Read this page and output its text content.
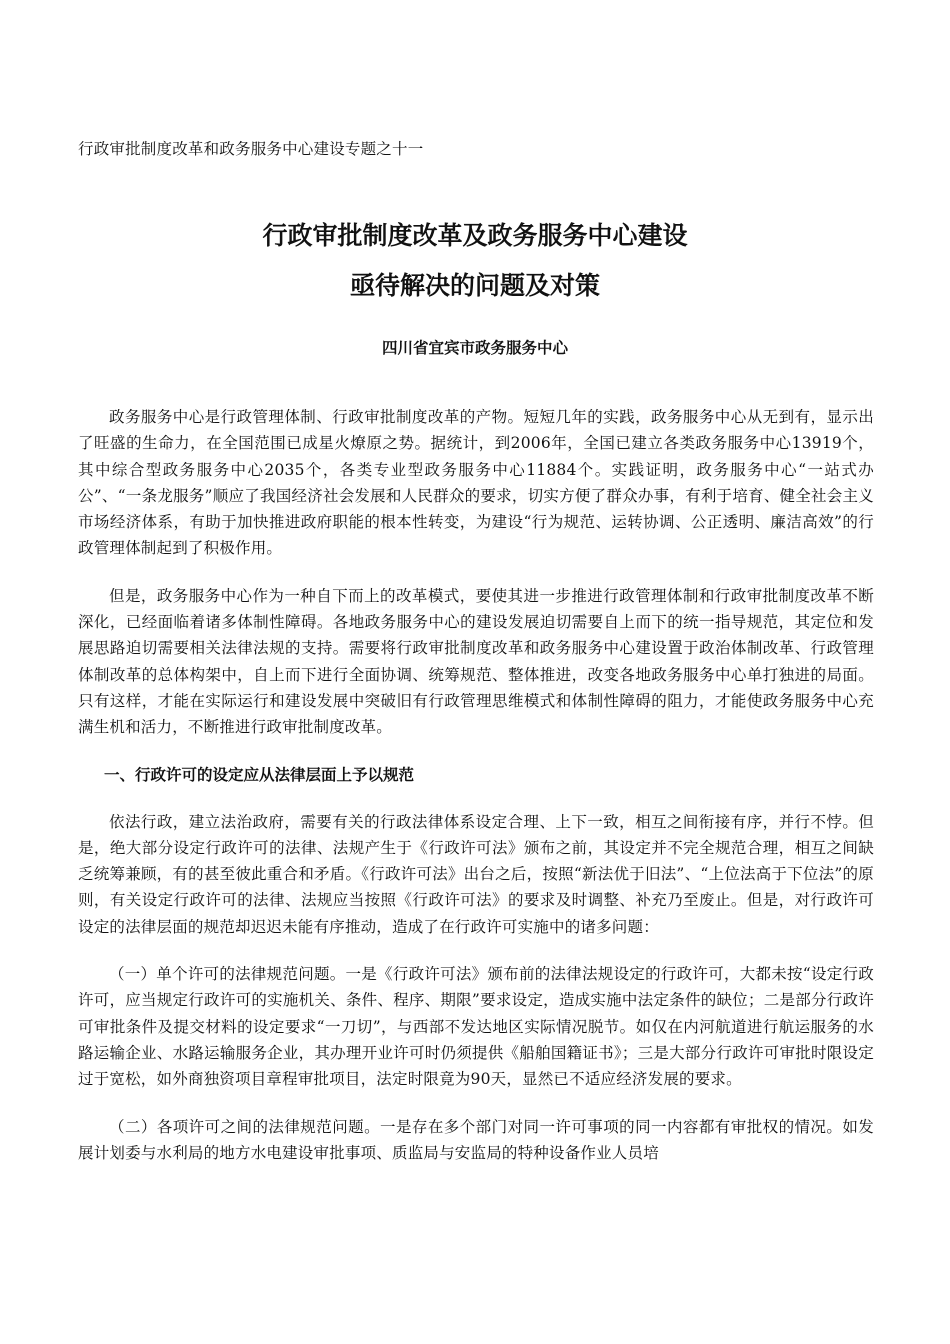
行政审批制度改革和政务服务中心建设专题之十一
行政审批制度改革及政务服务中心建设
亟待解决的问题及对策
四川省宜宾市政务服务中心

政务服务中心是行政管理体制、行政审批制度改革的产物。短短几年的实践，政务服务中心从无到有，显示出了旺盛的生命力，在全国范围已成星火燎原之势。据统计，到2006年，全国已建立各类政务服务中心13919个，其中综合型政务服务中心2035个，各类专业型政务服务中心11884个。实践证明，政务服务中心“一站式办公”、“一条龙服务”顺应了我国经济社会发展和人民群众的要求，切实方便了群众办事，有利于培育、健全社会主义市场经济体系，有助于加快推进政府职能的根本性转变，为建设“行为规范、运转协调、公正透明、廉洁高效”的行政管理体制起到了积极作用。

但是，政务服务中心作为一种自下而上的改革模式，要使其进一步推进行政管理体制和行政审批制度改革不断深化，已经面临着诸多体制性障碍。各地政务服务中心的建设发展迫切需要自上而下的统一指导规范，其定位和发展思路迫切需要相关法律法规的支持。需要将行政审批制度改革和政务服务中心建设置于政治体制改革、行政管理体制改革的总体构架中，自上而下进行全面协调、统筹规范、整体推进，改变各地政务服务中心单打独进的局面。只有这样，才能在实际运行和建设发展中突破旧有行政管理思维模式和体制性障碍的阻力，才能使政务服务中心充满生机和活力，不断推进行政审批制度改革。

一、行政许可的设定应从法律层面上予以规范

依法行政，建立法治政府，需要有关的行政法律体系设定合理、上下一致，相互之间衔接有序，并行不悖。但是，绝大部分设定行政许可的法律、法规产生于《行政许可法》颁布之前，其设定并不完全规范合理，相互之间缺乏统筹兼顾，有的甚至彼此重合和矛盾。《行政许可法》出台之后，按照“新法优于旧法”、“上位法高于下位法”的原则，有关设定行政许可的法律、法规应当按照《行政许可法》的要求及时调整、补充乃至废止。但是，对行政许可设定的法律层面的规范却迟迟未能有序推动，造成了在行政许可实施中的诸多问题：

（一）单个许可的法律规范问题。一是《行政许可法》颁布前的法律法规设定的行政许可，大都未按“设定行政许可，应当规定行政许可的实施机关、条件、程序、期限”要求设定，造成实施中法定条件的缺位；二是部分行政许可审批条件及提交材料的设定要求“一刀切”，与西部不发达地区实际情况脱节。如仅在内河航道进行航运服务的水路运输企业、水路运输服务企业，其办理开业许可时仍须提供《船舶国籍证书》；三是大部分行政许可审批时限设定过于宽松，如外商独资项目章程审批项目，法定时限竟为90天，显然已不适应经济发展的要求。

（二）各项许可之间的法律规范问题。一是存在多个部门对同一许可事项的同一内容都有审批权的情况。如发展计划委与水利局的地方水电建设审批事项、质监局与安监局的特种设备作业人员培
